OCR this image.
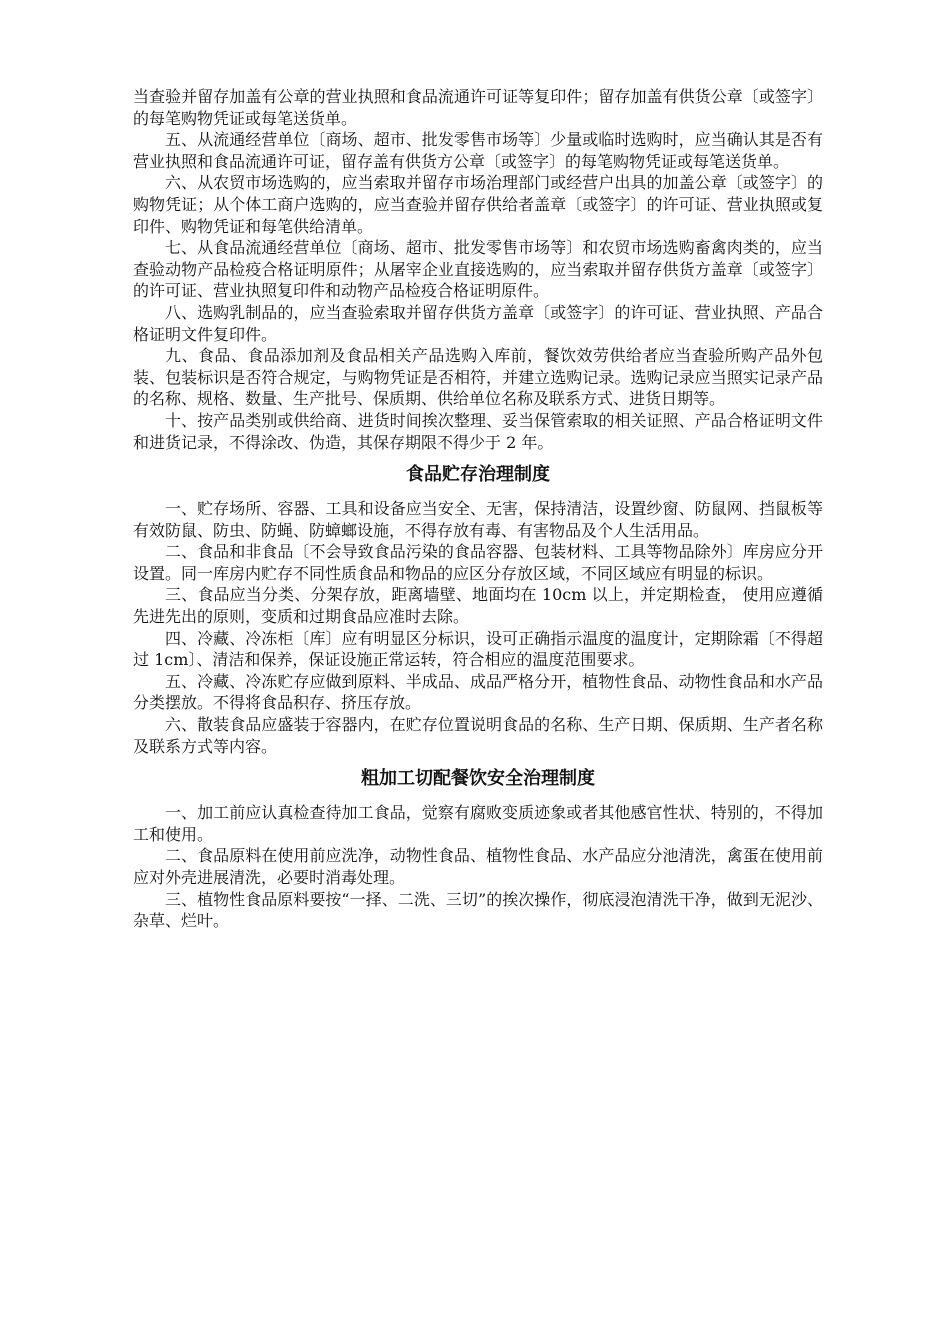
当查验并留存加盖有公章的营业执照和食品流通许可证等复印件；留存加盖有供货公章〔或签字〕的每笔购物凭证或每笔送货单。

五、从流通经营单位〔商场、超市、批发零售市场等〕少量或临时选购时，应当确认其是否有营业执照和食品流通许可证，留存盖有供货方公章〔或签字〕的每笔购物凭证或每笔送货单。

六、从农贸市场选购的，应当索取并留存市场治理部门或经营户出具的加盖公章〔或签字〕的购物凭证；从个体工商户选购的，应当查验并留存供给者盖章〔或签字〕的许可证、营业执照或复印件、购物凭证和每笔供给清单。

七、从食品流通经营单位〔商场、超市、批发零售市场等〕和农贸市场选购畜禽肉类的，应当查验动物产品检疫合格证明原件；从屠宰企业直接选购的，应当索取并留存供货方盖章〔或签字〕的许可证、营业执照复印件和动物产品检疫合格证明原件。

八、选购乳制品的，应当查验索取并留存供货方盖章〔或签字〕的许可证、营业执照、产品合格证明文件复印件。

九、食品、食品添加剂及食品相关产品选购入库前，餐饮效劳供给者应当查验所购产品外包装、包装标识是否符合规定，与购物凭证是否相符，并建立选购记录。选购记录应当照实记录产品的名称、规格、数量、生产批号、保质期、供给单位名称及联系方式、进货日期等。

十、按产品类别或供给商、进货时间挨次整理、妥当保管索取的相关证照、产品合格证明文件和进货记录，不得涂改、伪造，其保存期限不得少于 2 年。

食品贮存治理制度

一、贮存场所、容器、工具和设备应当安全、无害，保持清洁，设置纱窗、防鼠网、挡鼠板等有效防鼠、防虫、防蝇、防蟑螂设施，不得存放有毒、有害物品及个人生活用品。

二、食品和非食品〔不会导致食品污染的食品容器、包装材料、工具等物品除外〕库房应分开设置。同一库房内贮存不同性质食品和物品的应区分存放区域，不同区域应有明显的标识。

三、食品应当分类、分架存放，距离墙壁、地面均在 10cm 以上，并定期检查， 使用应遵循先进先出的原则，变质和过期食品应准时去除。

四、冷藏、冷冻柜〔库〕应有明显区分标识，设可正确指示温度的温度计，定期除霜〔不得超过 1cm〕、清洁和保养，保证设施正常运转，符合相应的温度范围要求。

五、冷藏、冷冻贮存应做到原料、半成品、成品严格分开，植物性食品、动物性食品和水产品分类摆放。不得将食品积存、挤压存放。

六、散装食品应盛装于容器内，在贮存位置说明食品的名称、生产日期、保质期、生产者名称及联系方式等内容。

粗加工切配餐饮安全治理制度

一、加工前应认真检查待加工食品，觉察有腐败变质迹象或者其他感官性状、特别的，不得加工和使用。

二、食品原料在使用前应洗净，动物性食品、植物性食品、水产品应分池清洗，禽蛋在使用前应对外壳进展清洗，必要时消毒处理。

三、植物性食品原料要按“一择、二洗、三切”的挨次操作，彻底浸泡清洗干净，做到无泥沙、杂草、烂叶。
